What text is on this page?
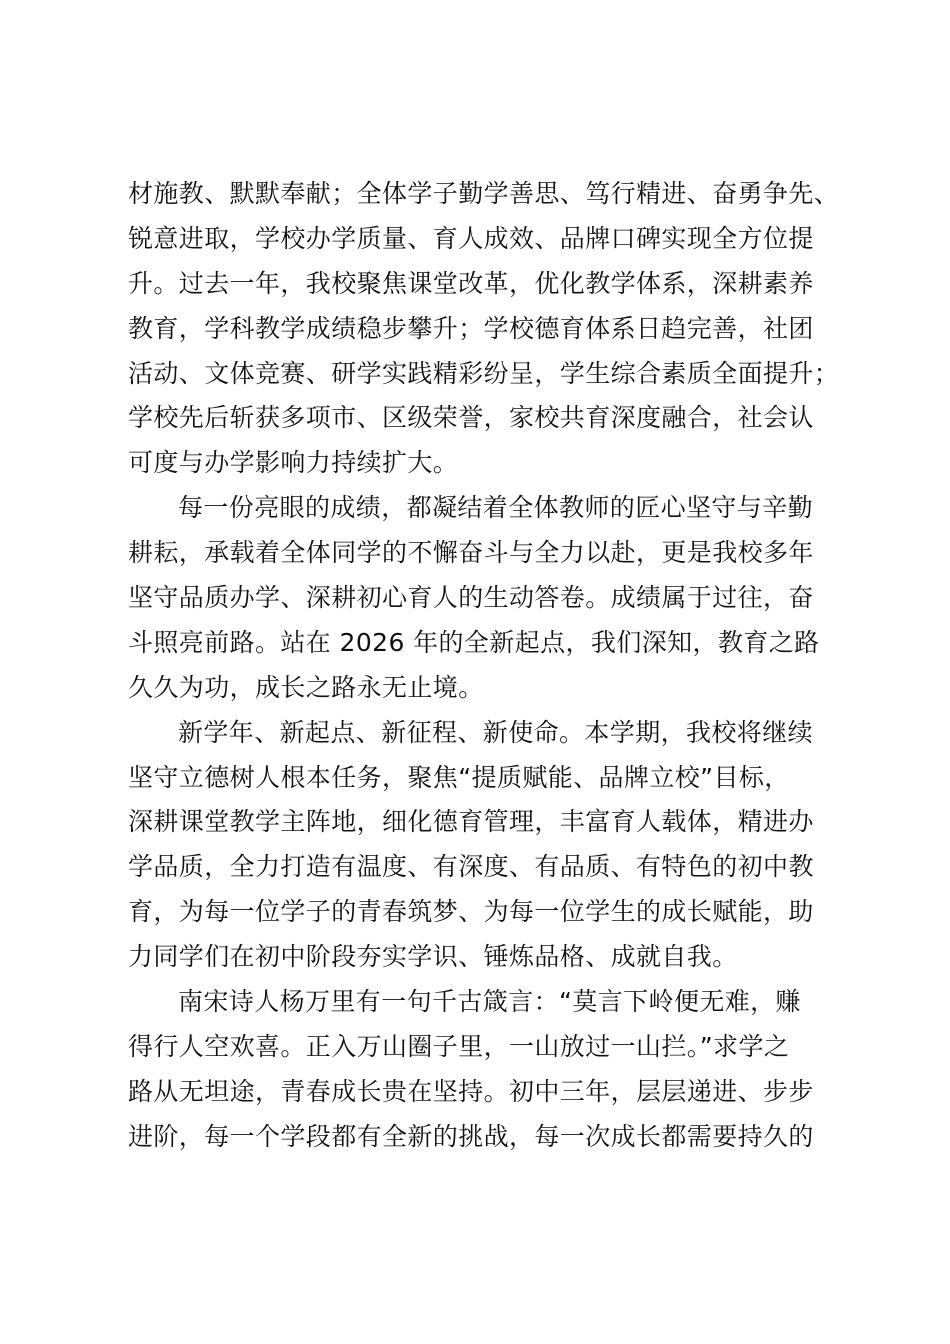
材施教、默默奉献；全体学子勤学善思、笃行精进、奋勇争先、
锐意进取，学校办学质量、育人成效、品牌口碑实现全方位提
升。过去一年，我校聚焦课堂改革，优化教学体系，深耕素养
教育，学科教学成绩稳步攀升；学校德育体系日趋完善，社团
活动、文体竞赛、研学实践精彩纷呈，学生综合素质全面提升；
学校先后斩获多项市、区级荣誉，家校共育深度融合，社会认
可度与办学影响力持续扩大。
每一份亮眼的成绩，都凝结着全体教师的匠心坚守与辛勤
耕耘，承载着全体同学的不懈奋斗与全力以赴，更是我校多年
坚守品质办学、深耕初心育人的生动答卷。成绩属于过往，奋
斗照亮前路。站在 2026 年的全新起点，我们深知，教育之路
久久为功，成长之路永无止境。
新学年、新起点、新征程、新使命。本学期，我校将继续
坚守立德树人根本任务，聚焦“提质赋能、品牌立校”目标，
深耕课堂教学主阵地，细化德育管理，丰富育人载体，精进办
学品质，全力打造有温度、有深度、有品质、有特色的初中教
育，为每一位学子的青春筑梦、为每一位学生的成长赋能，助
力同学们在初中阶段夯实学识、锤炼品格、成就自我。
南宋诗人杨万里有一句千古箴言：“莫言下岭便无难，赚
得行人空欢喜。正入万山圈子里，一山放过一山拦。”求学之
路从无坦途，青春成长贵在坚持。初中三年，层层递进、步步
进阶，每一个学段都有全新的挑战，每一次成长都需要持久的
